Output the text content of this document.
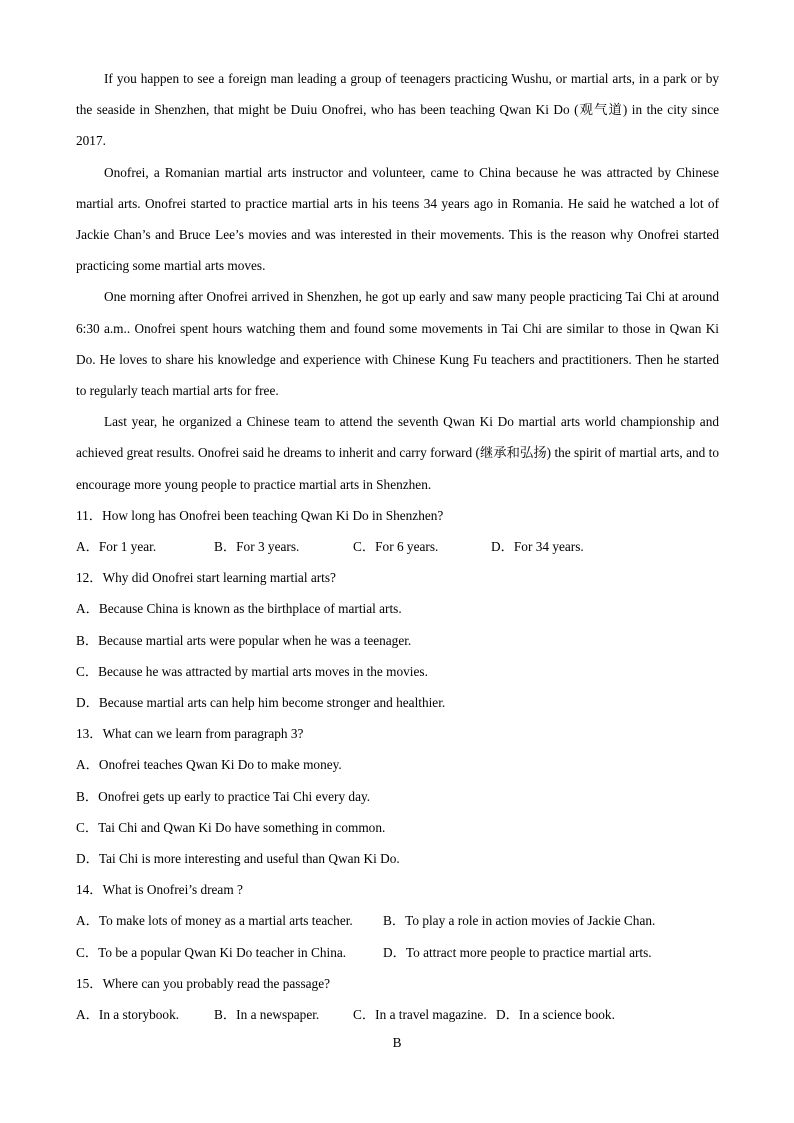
If you happen to see a foreign man leading a group of teenagers practicing Wushu, or martial arts, in a park or by the seaside in Shenzhen, that might be Duiu Onofrei, who has been teaching Qwan Ki Do (观气道) in the city since 2017.

Onofrei, a Romanian martial arts instructor and volunteer, came to China because he was attracted by Chinese martial arts. Onofrei started to practice martial arts in his teens 34 years ago in Romania. He said he watched a lot of Jackie Chan’s and Bruce Lee’s movies and was interested in their movements. This is the reason why Onofrei started practicing some martial arts moves.

One morning after Onofrei arrived in Shenzhen, he got up early and saw many people practicing Tai Chi at around 6:30 a.m.. Onofrei spent hours watching them and found some movements in Tai Chi are similar to those in Qwan Ki Do. He loves to share his knowledge and experience with Chinese Kung Fu teachers and practitioners. Then he started to regularly teach martial arts for free.

Last year, he organized a Chinese team to attend the seventh Qwan Ki Do martial arts world championship and achieved great results. Onofrei said he dreams to inherit and carry forward (继承和弘扬) the spirit of martial arts, and to encourage more young people to practice martial arts in Shenzhen.

11．How long has Onofrei been teaching Qwan Ki Do in Shenzhen?

A．For 1 year.	B．For 3 years.	C．For 6 years.	D．For 34 years.

12．Why did Onofrei start learning martial arts?

A．Because China is known as the birthplace of martial arts.

B．Because martial arts were popular when he was a teenager.

C．Because he was attracted by martial arts moves in the movies.

D．Because martial arts can help him become stronger and healthier.

13．What can we learn from paragraph 3?

A．Onofrei teaches Qwan Ki Do to make money.

B．Onofrei gets up early to practice Tai Chi every day.

C．Tai Chi and Qwan Ki Do have something in common.

D．Tai Chi is more interesting and useful than Qwan Ki Do.

14．What is Onofrei’s dream ?

A．To make lots of money as a martial arts teacher.	B．To play a role in action movies of Jackie Chan.
C．To be a popular Qwan Ki Do teacher in China.	D．To attract more people to practice martial arts.

15．Where can you probably read the passage?

A．In a storybook.	B．In a newspaper.	C．In a travel magazine. D．In a science book.
B
